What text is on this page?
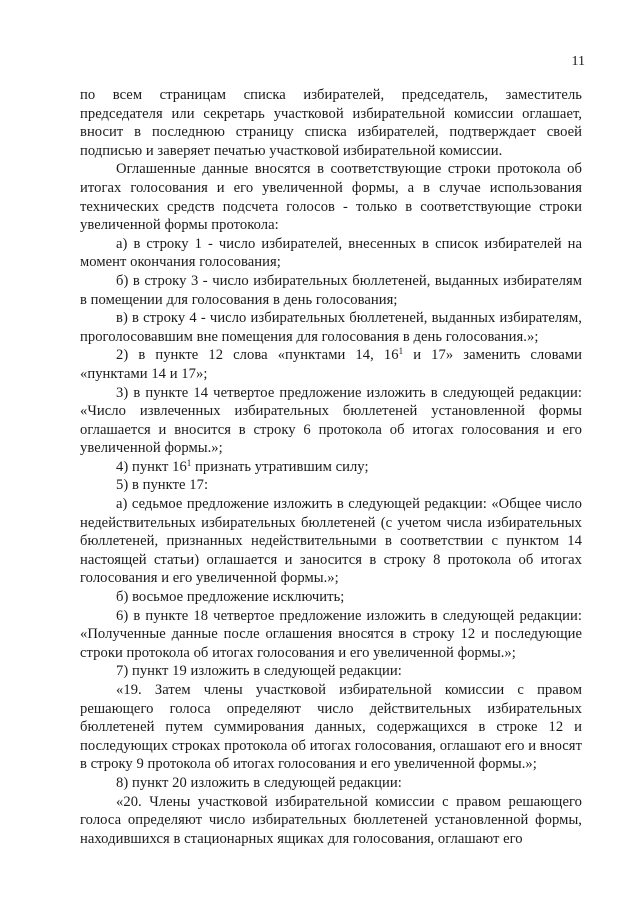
11

по всем страницам списка избирателей, председатель, заместитель председателя или секретарь участковой избирательной комиссии оглашает, вносит в последнюю страницу списка избирателей, подтверждает своей подписью и заверяет печатью участковой избирательной комиссии.

Оглашенные данные вносятся в соответствующие строки протокола об итогах голосования и его увеличенной формы, а в случае использования технических средств подсчета голосов - только в соответствующие строки увеличенной формы протокола:

а) в строку 1 - число избирателей, внесенных в список избирателей на момент окончания голосования;

б) в строку 3 - число избирательных бюллетеней, выданных избирателям в помещении для голосования в день голосования;

в) в строку 4 - число избирательных бюллетеней, выданных избирателям, проголосовавшим вне помещения для голосования в день голосования.»;

2) в пункте 12 слова «пунктами 14, $16^1$ и 17» заменить словами «пунктами 14 и 17»;

3) в пункте 14 четвертое предложение изложить в следующей редакции: «Число извлеченных избирательных бюллетеней установленной формы оглашается и вносится в строку 6 протокола об итогах голосования и его увеличенной формы.»;

4) пункт $16^1$ признать утратившим силу;

5) в пункте 17:

а) седьмое предложение изложить в следующей редакции: «Общее число недействительных избирательных бюллетеней (с учетом числа избирательных бюллетеней, признанных недействительными в соответствии с пунктом 14 настоящей статьи) оглашается и заносится в строку 8 протокола об итогах голосования и его увеличенной формы.»;

б) восьмое предложение исключить;

6) в пункте 18 четвертое предложение изложить в следующей редакции: «Полученные данные после оглашения вносятся в строку 12 и последующие строки протокола об итогах голосования и его увеличенной формы.»;

7) пункт 19 изложить в следующей редакции:

«19. Затем члены участковой избирательной комиссии с правом решающего голоса определяют число действительных избирательных бюллетеней путем суммирования данных, содержащихся в строке 12 и последующих строках протокола об итогах голосования, оглашают его и вносят в строку 9 протокола об итогах голосования и его увеличенной формы.»;

8) пункт 20 изложить в следующей редакции:

«20. Члены участковой избирательной комиссии с правом решающего голоса определяют число избирательных бюллетеней установленной формы, находившихся в стационарных ящиках для голосования, оглашают его
